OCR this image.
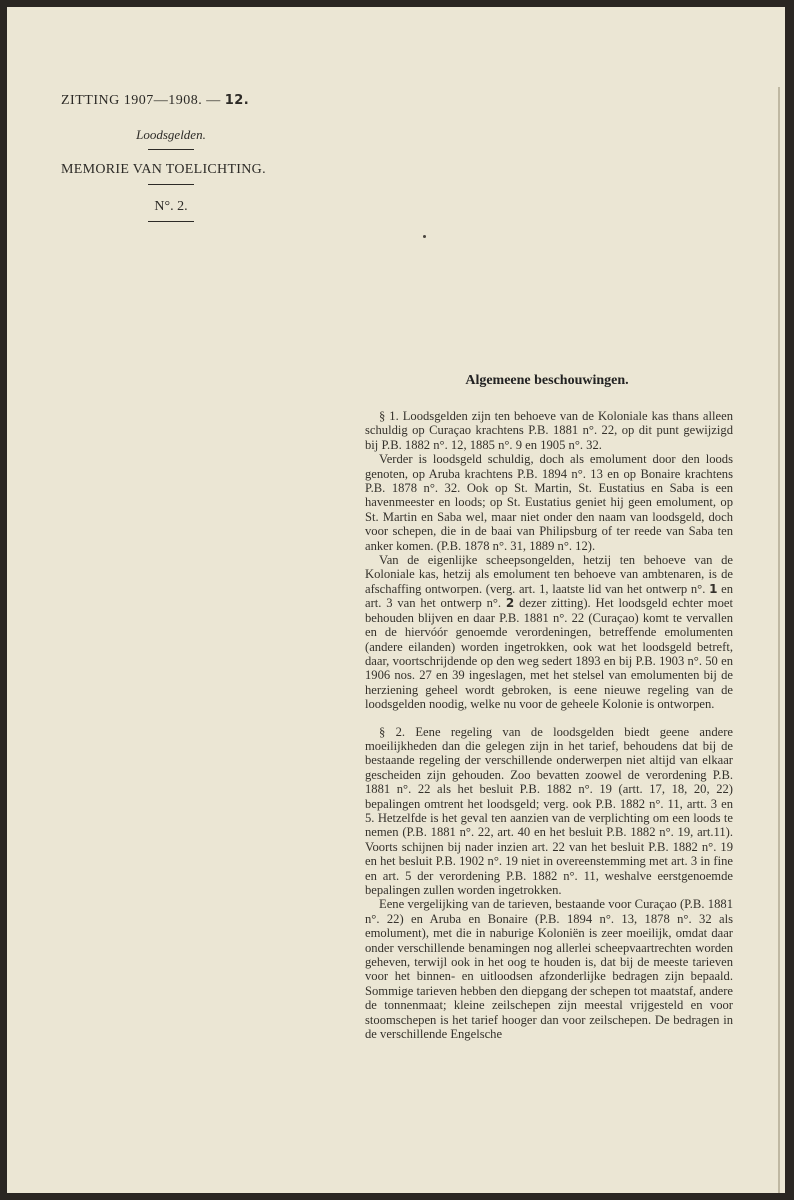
ZITTING 1907—1908. — 12.
Loodsgelden.
MEMORIE VAN TOELICHTING.
N°. 2.
Algemeene beschouwingen.

§ 1. Loodsgelden zijn ten behoeve van de Koloniale kas thans alleen schuldig op Curaçao krachtens P.B. 1881 n°. 22, op dit punt gewijzigd bij P.B. 1882 n°. 12, 1885 n°. 9 en 1905 n°. 32.

Verder is loodsgeld schuldig, doch als emolument door den loods genoten, op Aruba krachtens P.B. 1894 n°. 13 en op Bonaire krachtens P.B. 1878 n°. 32. Ook op St. Martin, St. Eustatius en Saba is een havenmeester en loods; op St. Eustatius geniet hij geen emolument, op St. Martin en Saba wel, maar niet onder den naam van loodsgeld, doch voor schepen, die in de baai van Philipsburg of ter reede van Saba ten anker komen. (P.B. 1878 n°. 31, 1889 n°. 12).

Van de eigenlijke scheepsongelden, hetzij ten behoeve van de Koloniale kas, hetzij als emolument ten behoeve van ambtenaren, is de afschaffing ontworpen. (verg. art. 1, laatste lid van het ontwerp n°. 1 en art. 3 van het ontwerp n°. 2 dezer zitting). Het loodsgeld echter moet behouden blijven en daar P.B. 1881 n°. 22 (Curaçao) komt te vervallen en de hiervóór genoemde verordeningen, betreffende emolumenten (andere eilanden) worden ingetrokken, ook wat het loodsgeld betreft, daar, voortschrijdende op den weg sedert 1893 en bij P.B. 1903 n°. 50 en 1906 nos. 27 en 39 ingeslagen, met het stelsel van emolumenten bij de herziening geheel wordt gebroken, is eene nieuwe regeling van de loodsgelden noodig, welke nu voor de geheele Kolonie is ontworpen.

§ 2. Eene regeling van de loodsgelden biedt geene andere moeilijkheden dan die gelegen zijn in het tarief, behoudens dat bij de bestaande regeling der verschillende onderwerpen niet altijd van elkaar gescheiden zijn gehouden. Zoo bevatten zoowel de verordening P.B. 1881 n°. 22 als het besluit P.B. 1882 n°. 19 (artt. 17, 18, 20, 22) bepalingen omtrent het loodsgeld; verg. ook P.B. 1882 n°. 11, artt. 3 en 5. Hetzelfde is het geval ten aanzien van de verplichting om een loods te nemen (P.B. 1881 n°. 22, art. 40 en het besluit P.B. 1882 n°. 19, art.11). Voorts schijnen bij nader inzien art. 22 van het besluit P.B. 1882 n°. 19 en het besluit P.B. 1902 n°. 19 niet in overeenstemming met art. 3 in fine en art. 5 der verordening P.B. 1882 n°. 11, weshalve eerstgenoemde bepalingen zullen worden ingetrokken.

Eene vergelijking van de tarieven, bestaande voor Curaçao (P.B. 1881 n°. 22) en Aruba en Bonaire (P.B. 1894 n°. 13, 1878 n°. 32 als emolument), met die in naburige Koloniën is zeer moeilijk, omdat daar onder verschillende benamingen nog allerlei scheepvaartrechten worden geheven, terwijl ook in het oog te houden is, dat bij de meeste tarieven voor het binnen- en uitloodsen afzonderlijke bedragen zijn bepaald. Sommige tarieven hebben den diepgang der schepen tot maatstaf, andere de tonnenmaat; kleine zeilschepen zijn meestal vrijgesteld en voor stoomschepen is het tarief hooger dan voor zeilschepen. De bedragen in de verschillende Engelsche
